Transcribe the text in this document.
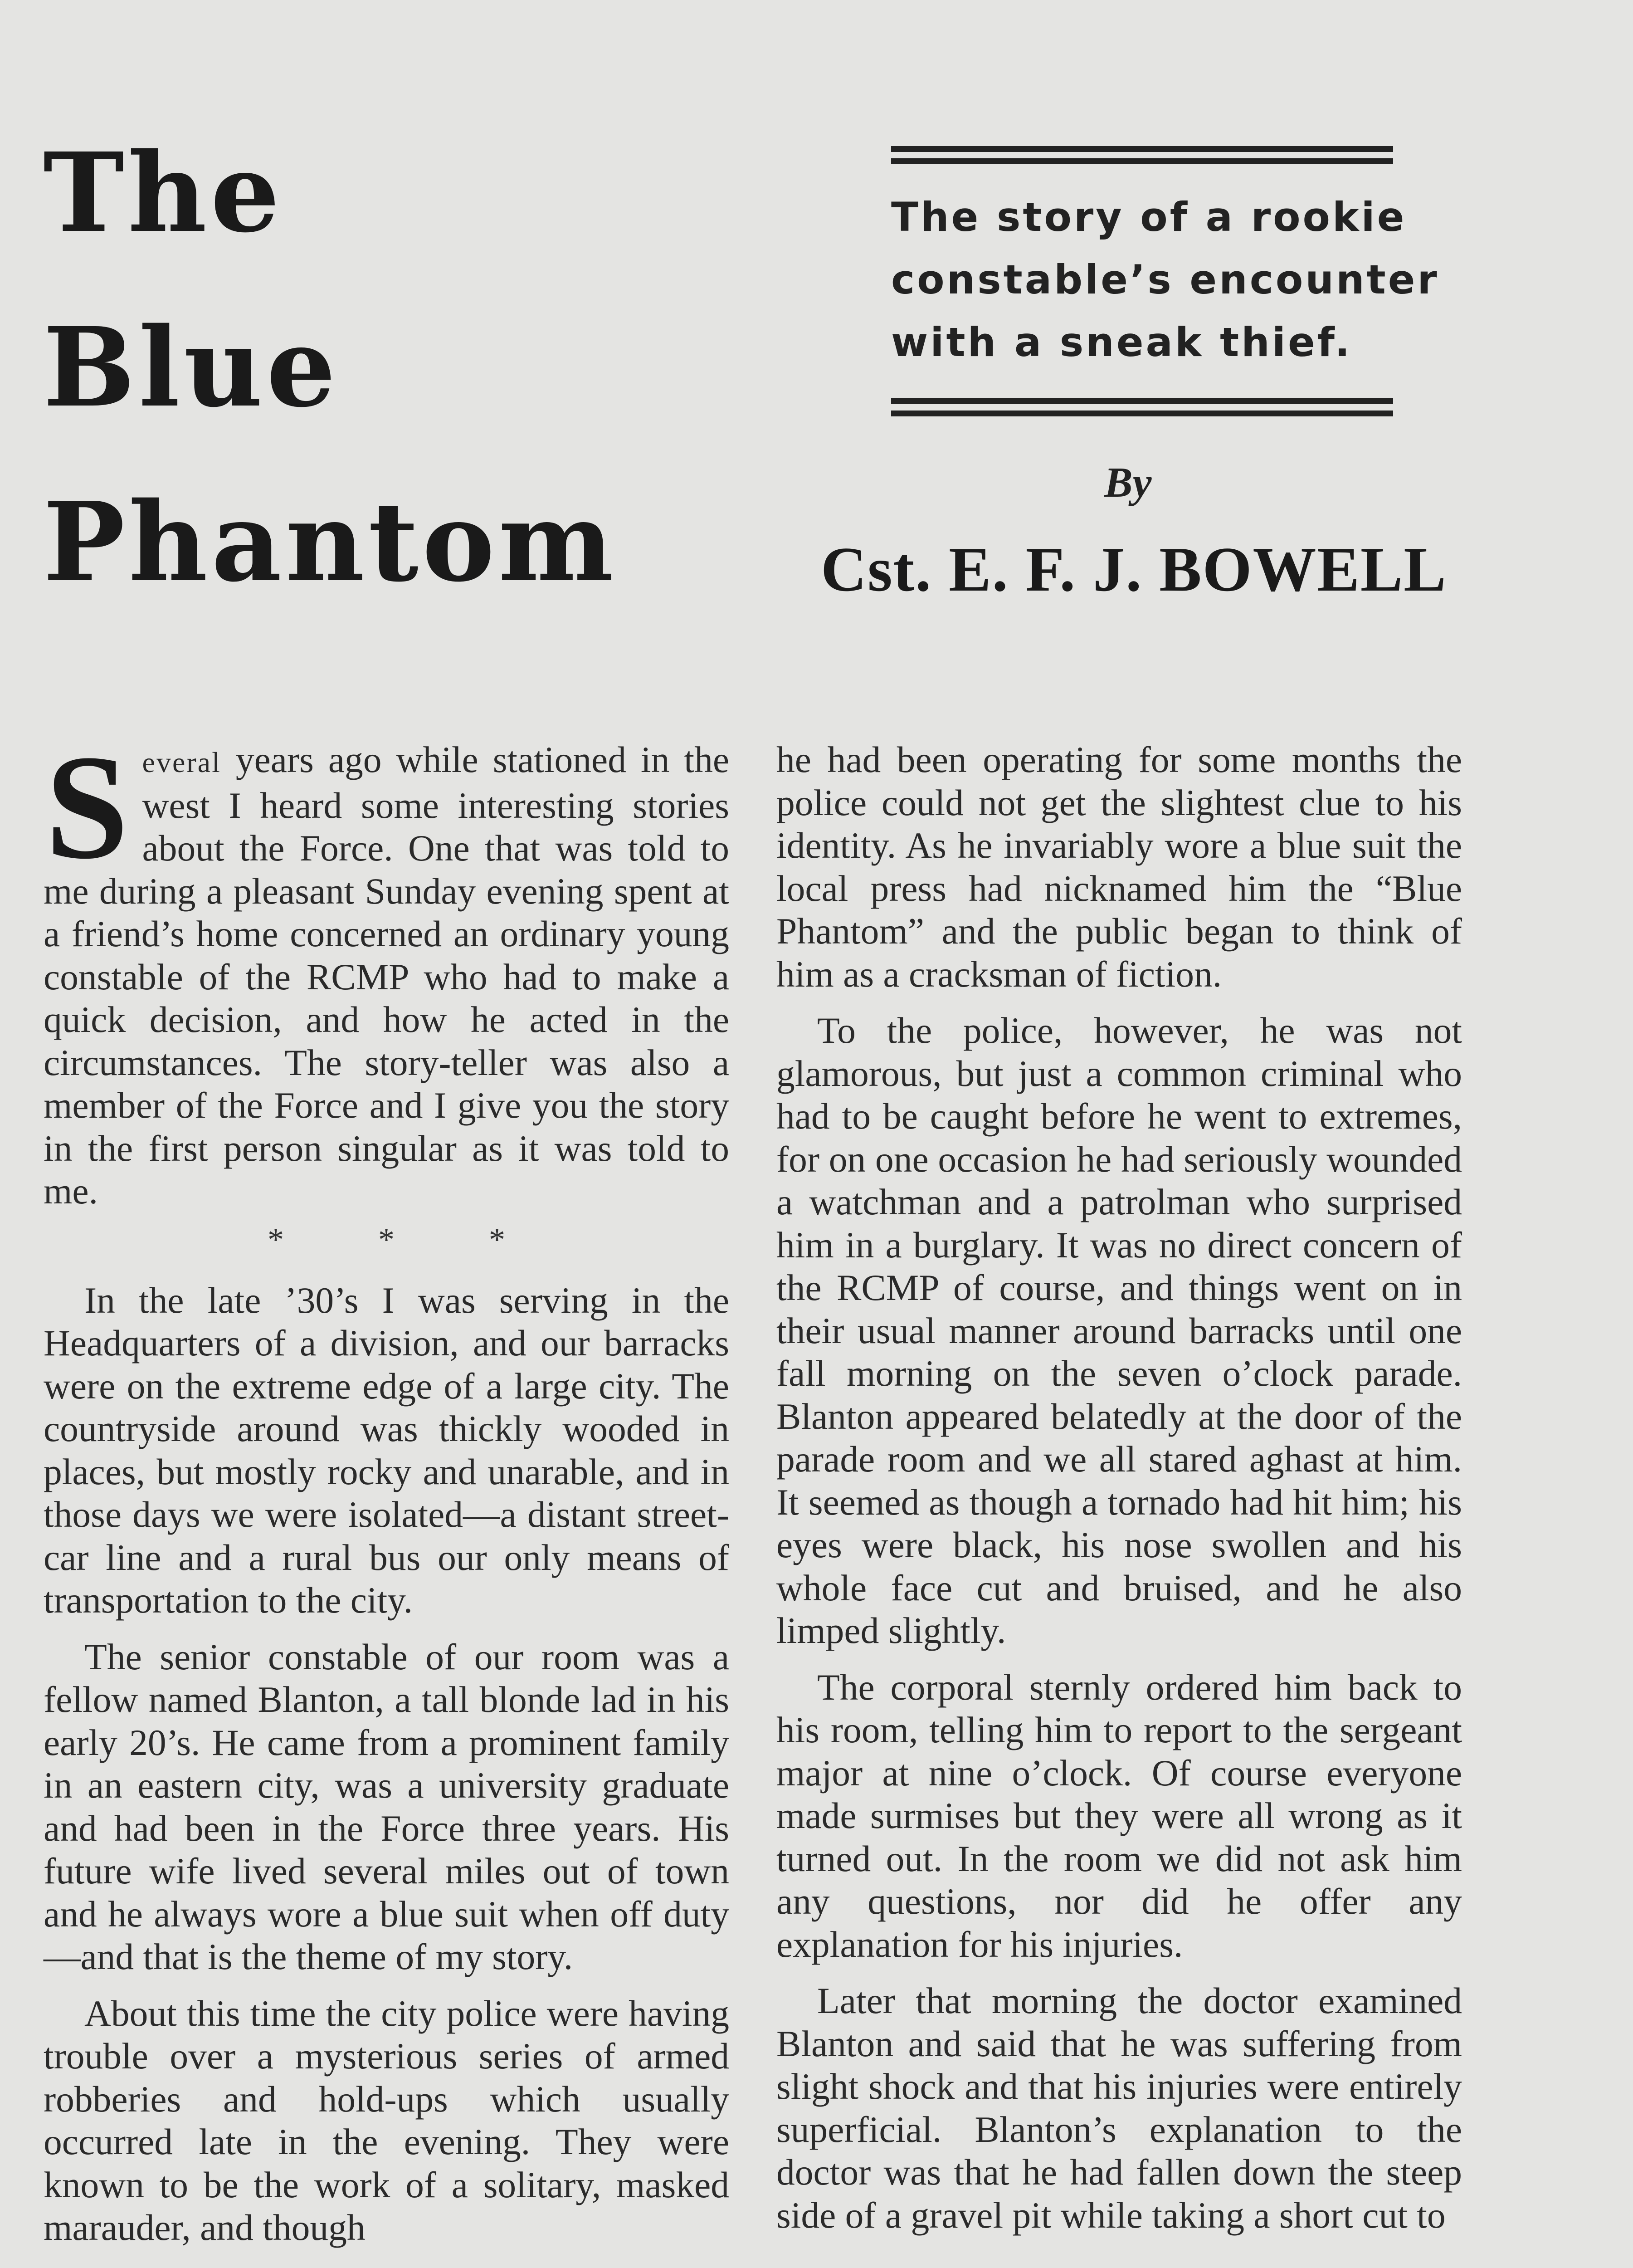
The
Blue
Phantom
The story of a rookie
constable’s encounter
with a sneak thief.
By
Cst. E. F. J. BOWELL

Several years ago while stationed in the west I heard some interesting stories about the Force. One that was told to me during a pleasant Sunday evening spent at a friend’s home concerned an ordinary young constable of the RCMP who had to make a quick decision, and how he acted in the circumstances. The story-teller was also a member of the Force and I give you the story in the first person singular as it was told to me.

* * *

In the late ’30’s I was serving in the Headquarters of a division, and our barracks were on the extreme edge of a large city. The countryside around was thickly wooded in places, but mostly rocky and unarable, and in those days we were isolated—a distant street-car line and a rural bus our only means of transportation to the city.

The senior constable of our room was a fellow named Blanton, a tall blonde lad in his early 20’s. He came from a prominent family in an eastern city, was a university graduate and had been in the Force three years. His future wife lived several miles out of town and he always wore a blue suit when off duty—and that is the theme of my story.

About this time the city police were having trouble over a mysterious series of armed robberies and hold-ups which usually occurred late in the evening. They were known to be the work of a solitary, masked marauder, and though

he had been operating for some months the police could not get the slightest clue to his identity. As he invariably wore a blue suit the local press had nicknamed him the “Blue Phantom” and the public began to think of him as a cracksman of fiction.

To the police, however, he was not glamorous, but just a common criminal who had to be caught before he went to extremes, for on one occasion he had seriously wounded a watchman and a patrolman who surprised him in a burglary. It was no direct concern of the RCMP of course, and things went on in their usual manner around barracks until one fall morning on the seven o’clock parade. Blanton appeared belatedly at the door of the parade room and we all stared aghast at him. It seemed as though a tornado had hit him; his eyes were black, his nose swollen and his whole face cut and bruised, and he also limped slightly.

The corporal sternly ordered him back to his room, telling him to report to the sergeant major at nine o’clock. Of course everyone made surmises but they were all wrong as it turned out. In the room we did not ask him any questions, nor did he offer any explanation for his injuries.

Later that morning the doctor examined Blanton and said that he was suffering from slight shock and that his injuries were entirely superficial. Blanton’s explanation to the doctor was that he had fallen down the steep side of a gravel pit while taking a short cut to
